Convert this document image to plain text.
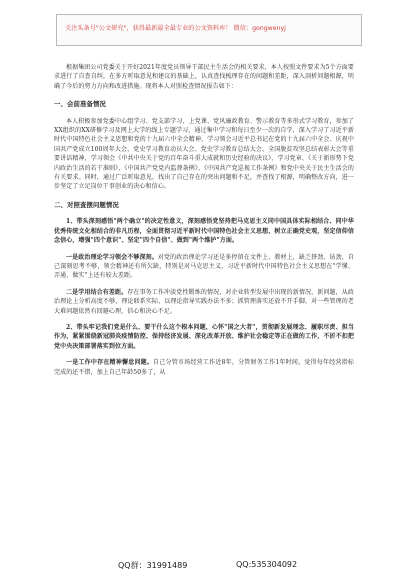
关注头条号"公文研究"，获得最新最全最专业的公文资料库！ 微信：gongwenyj

根据集团公司党委关于开好2021年度党员领导干部民主生活会的相关要求，本人按照文件要求为5个方面要求进行了自查自纠，在多方听取意见和建议的基础上，认真查找梳理存在的问题和差距，深入剖析问题根源，明确了今后的努力方向和改进措施。现将本人对照检查情况报告如下：

一、会前准备情况

本人积极参加党委中心组学习、党支部学习、上党课、党风廉政教育、警示教育等多形式学习教育，参加了XX组织的XX研修学习及网上大学的线上专题学习，通过集中学习和每日至少一次的自学，深入学习了习近平新时代中国特色社会主义思想和党的十九届六中全会精神，学习领会习近平总书记在党的十九届六中全会、庆祝中国共产党成立100周年大会、党史学习教育动员大会、党史学习教育总结大会、全国脱贫攻坚总结表彰大会等重要讲话精神，学习领会《中共中央关于党的百年奋斗重大成就和历史经验的决议》、学习党章、《关于新形势下党内政治生活的若干准则》、《中国共产党党内监督条例》、《中国共产党巡视工作条例》和党中央关于民主生活会的有关要求。同时，通过广泛听取意见，找出了自己存在的突出问题和不足，并查找了根源，明确整改方向，进一步坚定了立足岗位干事创业的决心和信心。

二、对照查摆问题情况

1、带头深刻感悟"两个确立"的决定性意义，深刻感悟党坚持把马克思主义同中国具体实际相结合、同中华优秀传统文化相结合的非凡历程，全面贯彻习近平新时代中国特色社会主义思想，树立正确党史观，坚定信仰信念信心，增强"四个意识"、坚定"四个自信"、做到"两个维护"方面。

一是政治理论学习领会不够深刻。对党的政治理论学习还是多停留在文件上、教材上，缺乏挤劲、钻劲，自己深刻思考不够，领会精神还有所欠缺，特别是对马克思主义、习近平新时代中国特色社会主义思想在"学懂、弄通、做实"上还有较大差距。

二是学用结合有差距。存在事务工作冲淡党性锻炼的情况，对企业转型发展中出现的新情况、新问题，从政治理论上分析高度不够，理论联系实际、以理论指导实践办法不多；抓管理落实还放不开手脚，对一些管理的老大难问题依然有回避心理，信心和决心不足。

2、带头牢记我们党是什么、要干什么这个根本问题，心怀"国之大者"，贯彻新发展理念、履职尽责、担当作为，紧紧围绕新冠肺炎疫情防控、保持经济发展、深化改革开放、维护社会稳定等正在做的工作，不折不扣把党中央决策部署落实到位方面。

一是工作中存在精神懈怠问题。自己分管市场经营工作近8年，分管财务工作1年时间，觉得每年经营指标完成的还不错，加上自己年龄50多了，从

QQ群：31991489	QQ:535304092
